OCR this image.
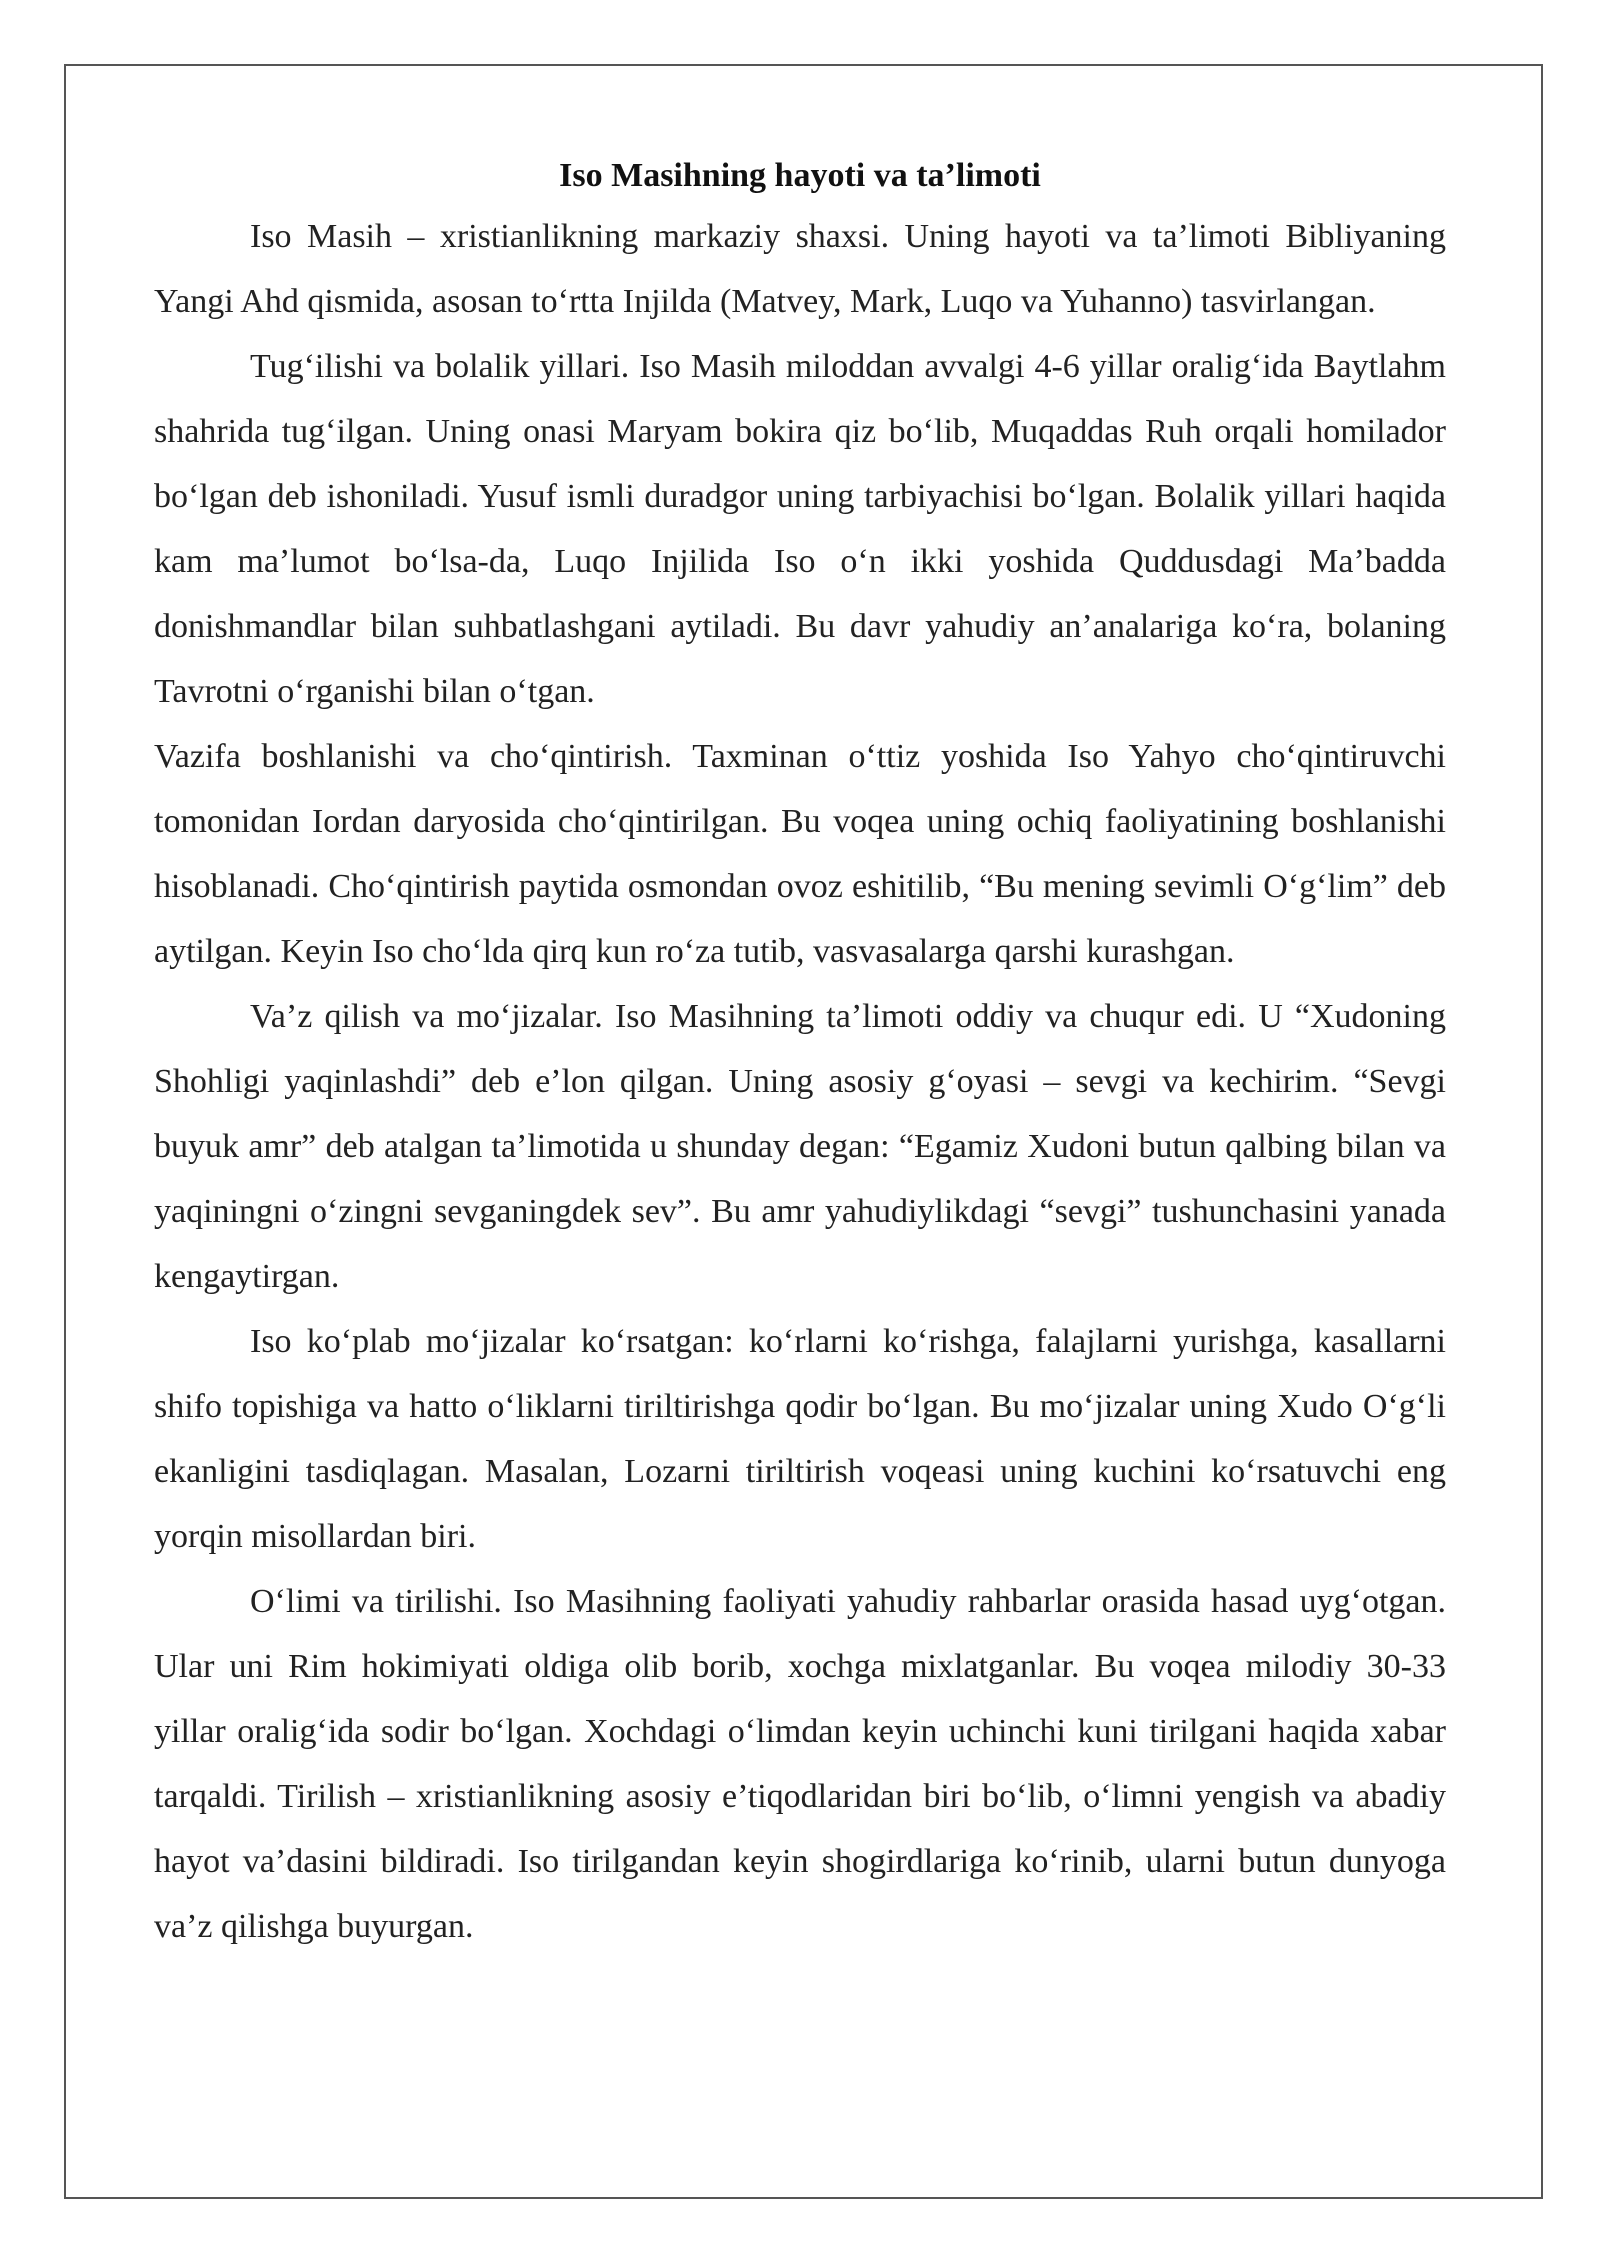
Iso Masihning hayoti va ta’limoti

Iso Masih – xristianlikning markaziy shaxsi. Uning hayoti va ta’limoti Bibliyaning Yangi Ahd qismida, asosan to‘rtta Injilda (Matvey, Mark, Luqo va Yuhanno) tasvirlangan.

Tug‘ilishi va bolalik yillari. Iso Masih miloddan avvalgi 4-6 yillar oralig‘ida Baytlahm shahrida tug‘ilgan. Uning onasi Maryam bokira qiz bo‘lib, Muqaddas Ruh orqali homilador bo‘lgan deb ishoniladi. Yusuf ismli duradgor uning tarbiyachisi bo‘lgan. Bolalik yillari haqida kam ma’lumot bo‘lsa-da, Luqo Injilida Iso o‘n ikki yoshida Quddusdagi Ma’badda donishmandlar bilan suhbatlashgani aytiladi. Bu davr yahudiy an’analariga ko‘ra, bolaning Tavrotni o‘rganishi bilan o‘tgan.

Vazifa boshlanishi va cho‘qintirish. Taxminan o‘ttiz yoshida Iso Yahyo cho‘qintiruvchi tomonidan Iordan daryosida cho‘qintirilgan. Bu voqea uning ochiq faoliyatining boshlanishi hisoblanadi. Cho‘qintirish paytida osmondan ovoz eshitilib, “Bu mening sevimli O‘g‘lim” deb aytilgan. Keyin Iso cho‘lda qirq kun ro‘za tutib, vasvasalarga qarshi kurashgan.

Va’z qilish va mo‘jizalar. Iso Masihning ta’limoti oddiy va chuqur edi. U “Xudoning Shohligi yaqinlashdi” deb e’lon qilgan. Uning asosiy g‘oyasi – sevgi va kechirim. “Sevgi buyuk amr” deb atalgan ta’limotida u shunday degan: “Egamiz Xudoni butun qalbing bilan va yaqiningni o‘zingni sevganingdek sev”. Bu amr yahudiylikdagi “sevgi” tushunchasini yanada kengaytirgan.

Iso ko‘plab mo‘jizalar ko‘rsatgan: ko‘rlarni ko‘rishga, falajlarni yurishga, kasallarni shifo topishiga va hatto o‘liklarni tiriltirishga qodir bo‘lgan. Bu mo‘jizalar uning Xudo O‘g‘li ekanligini tasdiqlagan. Masalan, Lozarni tiriltirish voqeasi uning kuchini ko‘rsatuvchi eng yorqin misollardan biri.

O‘limi va tirilishi. Iso Masihning faoliyati yahudiy rahbarlar orasida hasad uyg‘otgan. Ular uni Rim hokimiyati oldiga olib borib, xochga mixlatganlar. Bu voqea milodiy 30-33 yillar oralig‘ida sodir bo‘lgan. Xochdagi o‘limdan keyin uchinchi kuni tirilgani haqida xabar tarqaldi. Tirilish – xristianlikning asosiy e’tiqodlaridan biri bo‘lib, o‘limni yengish va abadiy hayot va’dasini bildiradi. Iso tirilgandan keyin shogirdlariga ko‘rinib, ularni butun dunyoga va’z qilishga buyurgan.
